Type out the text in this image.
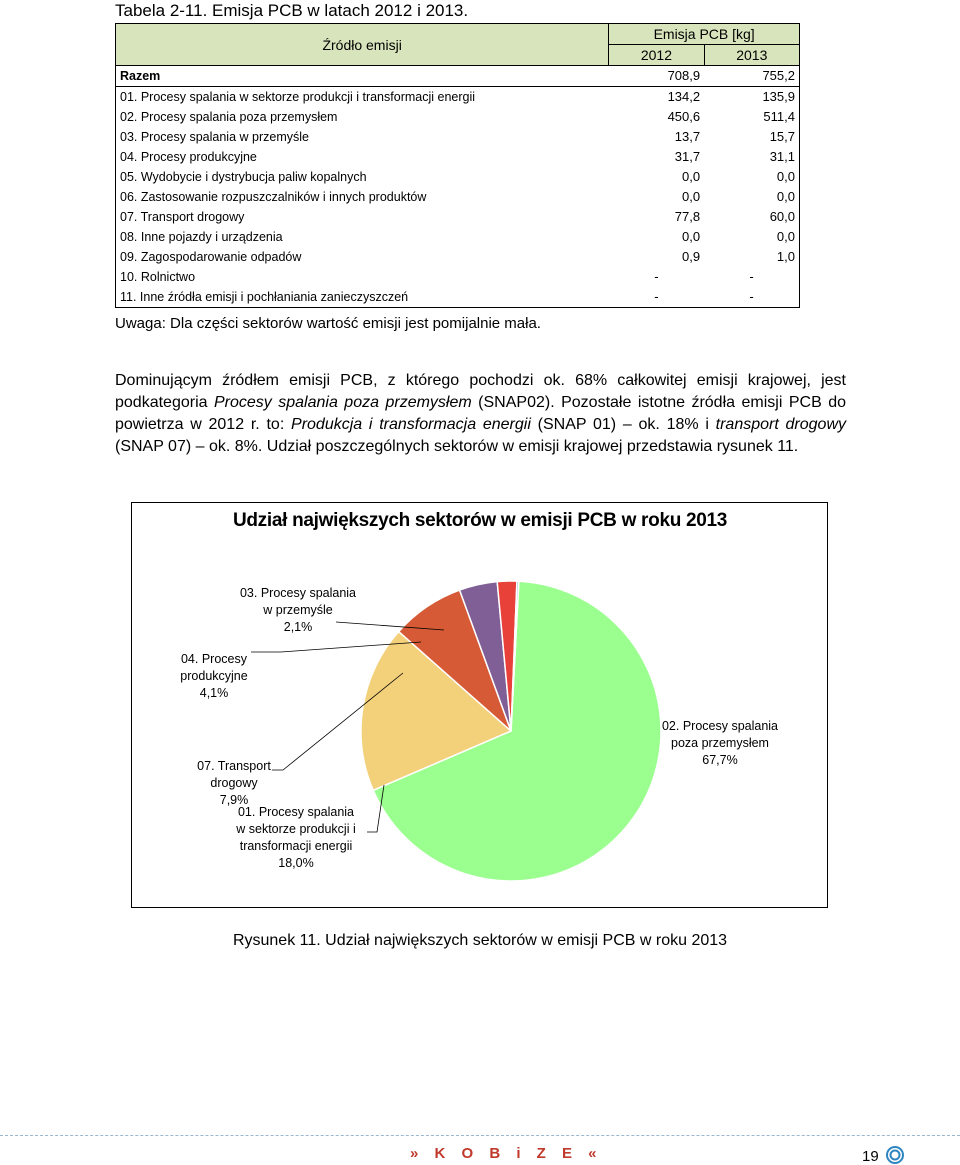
Tabela 2-11. Emisja PCB w latach 2012 i 2013.
Źródło emisji	Emisja PCB [kg]	
	2012	2013
Razem	708,9	755,2
01. Procesy spalania w sektorze produkcji i transformacji energii	134,2	135,9
02. Procesy spalania poza przemysłem	450,6	511,4
03. Procesy spalania w przemyśle	13,7	15,7
04. Procesy produkcyjne	31,7	31,1
05. Wydobycie i dystrybucja paliw kopalnych	0,0	0,0
06. Zastosowanie rozpuszczalników i innych produktów	0,0	0,0
07. Transport drogowy	77,8	60,0
08. Inne pojazdy i urządzenia	0,0	0,0
09. Zagospodarowanie odpadów	0,9	1,0
10. Rolnictwo	-	-
11. Inne źródła emisji i pochłaniania zanieczyszczeń	-	-
Uwaga: Dla części sektorów wartość emisji jest pomijalnie mała.
Dominującym źródłem emisji PCB, z którego pochodzi ok. 68% całkowitej emisji krajowej, jest podkategoria Procesy spalania poza przemysłem (SNAP02). Pozostałe istotne źródła emisji PCB do powietrza w 2012 r. to: Produkcja i transformacja energii (SNAP 01) – ok. 18% i transport drogowy (SNAP 07) – ok. 8%. Udział poszczególnych sektorów w emisji krajowej przedstawia rysunek 11.
Udział największych sektorów w emisji PCB w roku 2013
02. Procesy spalania
poza przemysłem
67,7%
01. Procesy spalania
w sektorze produkcji i
transformacji energii
18,0%
07. Transport
drogowy
7,9%
04. Procesy
produkcyjne
4,1%
03. Procesy spalania
w przemyśle
2,1%
Rysunek 11. Udział największych sektorów w emisji PCB w roku 2013
» K O B i Z E «	19
